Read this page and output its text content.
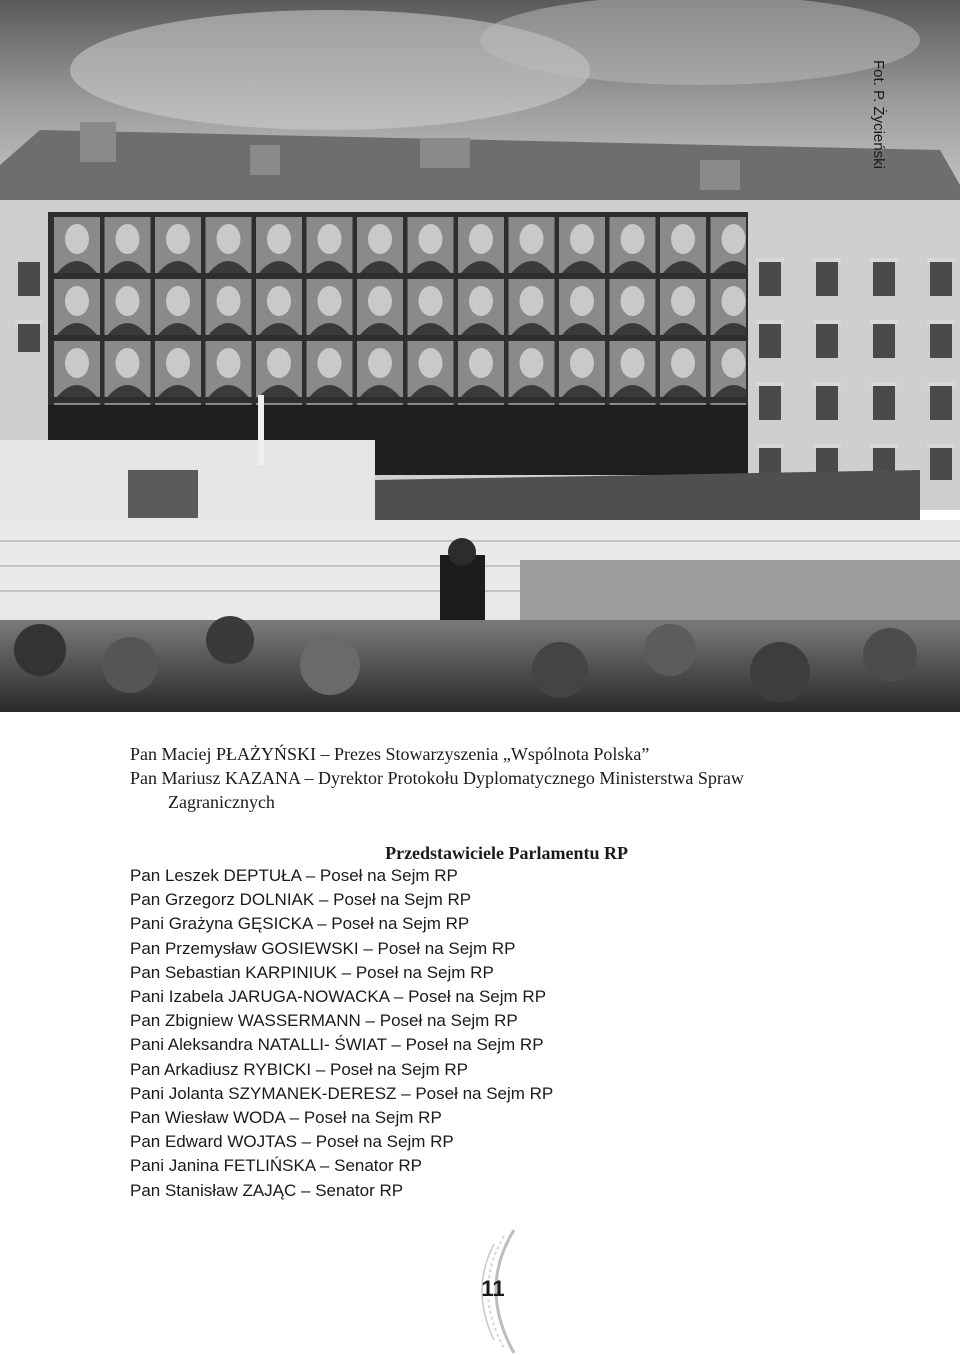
Fot. P. Życieński
Pan Maciej PŁAŻYŃSKI – Prezes Stowarzyszenia „Wspólnota Polska”
Pan Mariusz KAZANA – Dyrektor Protokołu Dyplomatycznego Ministerstwa Spraw
Zagranicznych
Przedstawiciele Parlamentu RP
Pan Leszek DEPTUŁA – Poseł na Sejm RP
Pan Grzegorz DOLNIAK – Poseł na Sejm RP
Pani Grażyna GĘSICKA – Poseł na Sejm RP
Pan Przemysław GOSIEWSKI – Poseł na Sejm RP
Pan Sebastian KARPINIUK – Poseł na Sejm RP
Pani Izabela JARUGA-NOWACKA – Poseł na Sejm RP
Pan Zbigniew WASSERMANN – Poseł na Sejm RP
Pani Aleksandra NATALLI- ŚWIAT – Poseł na Sejm RP
Pan Arkadiusz RYBICKI – Poseł na Sejm RP
Pani Jolanta SZYMANEK-DERESZ – Poseł na Sejm RP
Pan Wiesław WODA – Poseł na Sejm RP
Pan Edward WOJTAS – Poseł na Sejm RP
Pani Janina FETLIŃSKA – Senator RP
Pan Stanisław ZAJĄC – Senator RP
11
